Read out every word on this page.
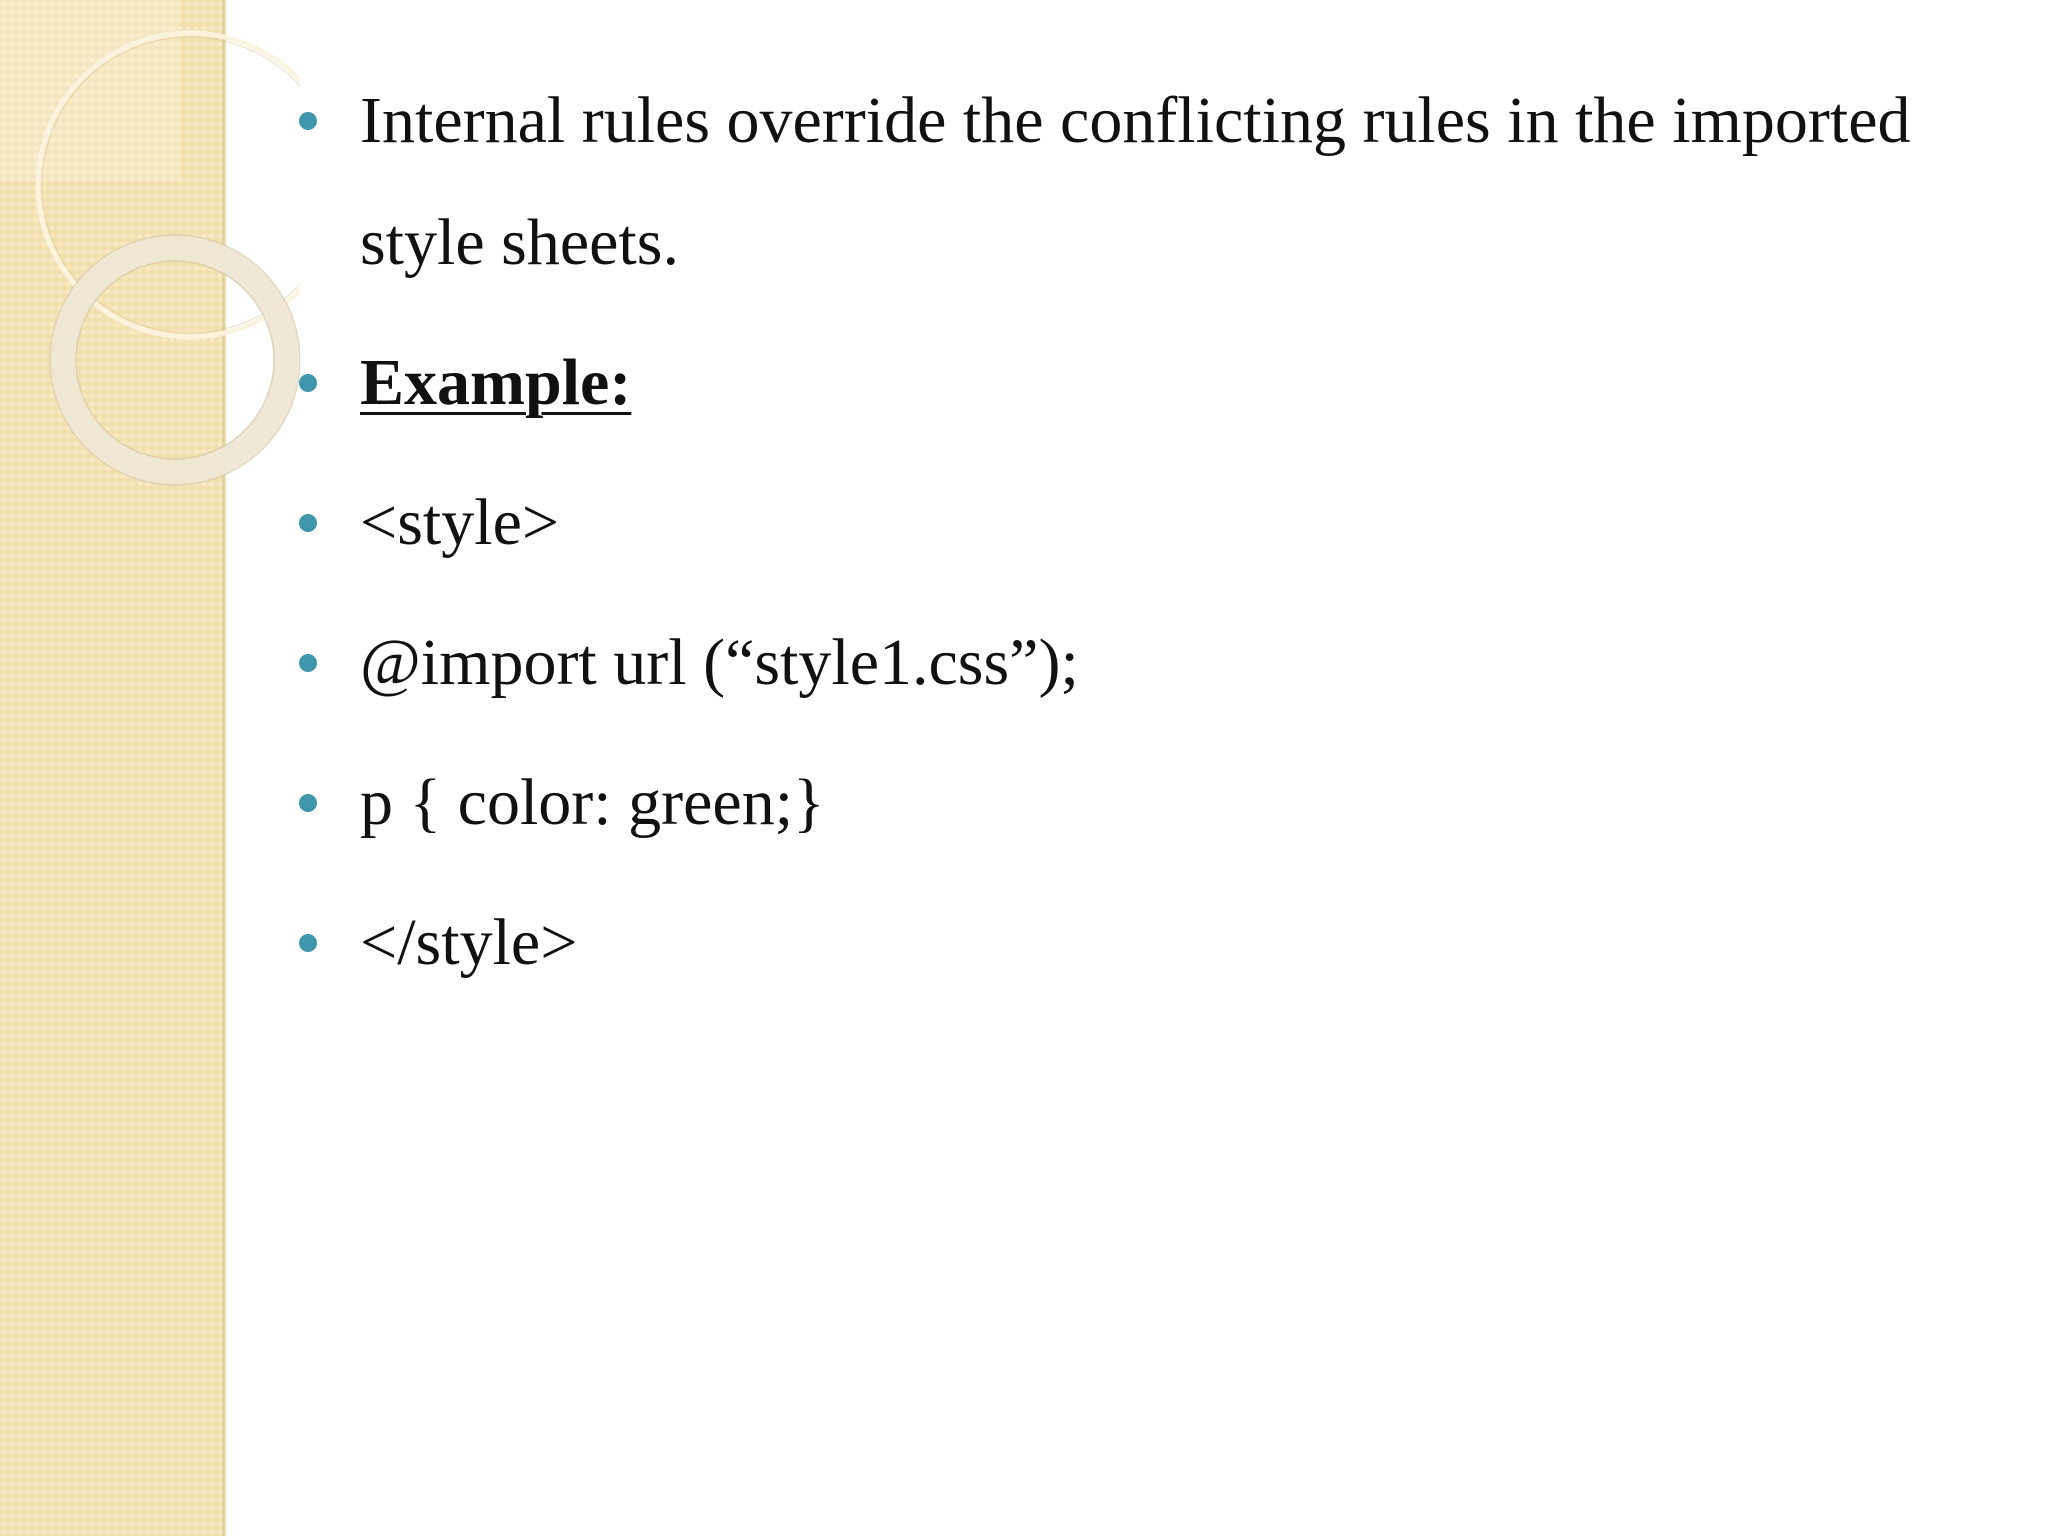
Internal rules override the conflicting rules in the imported style sheets.
Example:
<style>
@import url (“style1.css”);
p { color: green;}
</style>
